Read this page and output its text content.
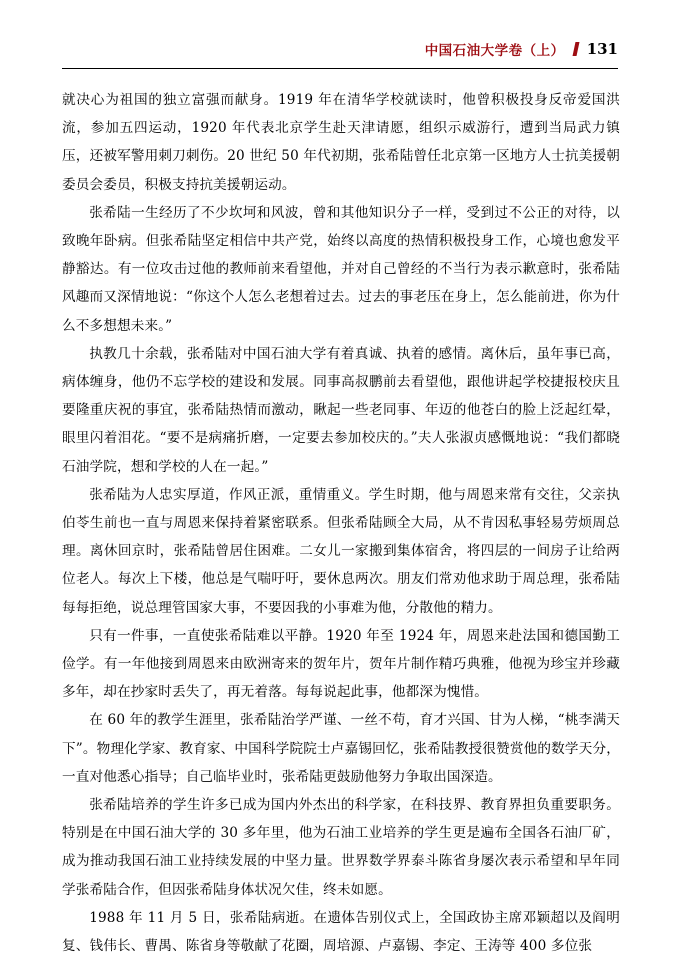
中国石油大学卷（上） 131

就决心为祖国的独立富强而献身。1919 年在清华学校就读时，他曾积极投身反帝爱国洪流，参加五四运动，1920 年代表北京学生赴天津请愿，组织示威游行，遭到当局武力镇压，还被军警用刺刀刺伤。20 世纪 50 年代初期，张希陆曾任北京第一区地方人士抗美援朝委员会委员，积极支持抗美援朝运动。

张希陆一生经历了不少坎坷和风波，曾和其他知识分子一样，受到过不公正的对待，以致晚年卧病。但张希陆坚定相信中共产党，始终以高度的热情积极投身工作，心境也愈发平静豁达。有一位攻击过他的教师前来看望他，并对自己曾经的不当行为表示歉意时，张希陆风趣而又深情地说：“你这个人怎么老想着过去。过去的事老压在身上，怎么能前进，你为什么不多想想未来。”

执教几十余载，张希陆对中国石油大学有着真诚、执着的感情。离休后，虽年事已高，病体缠身，他仍不忘学校的建设和发展。同事高叔鹏前去看望他，跟他讲起学校捷报校庆且要隆重庆祝的事宜，张希陆热情而激动，瞅起一些老同事、年迈的他苍白的脸上泛起红晕，眼里闪着泪花。“要不是病痛折磨，一定要去参加校庆的。”夫人张淑贞感慨地说：“我们都晓石油学院，想和学校的人在一起。”

张希陆为人忠实厚道，作风正派，重情重义。学生时期，他与周恩来常有交往，父亲执伯苓生前也一直与周恩来保持着紧密联系。但张希陆顾全大局，从不肯因私事轻易劳烦周总理。离休回京时，张希陆曾居住困难。二女儿一家搬到集体宿舍，将四层的一间房子让给两位老人。每次上下楼，他总是气喘吁吁，要休息两次。朋友们常劝他求助于周总理，张希陆每每拒绝，说总理管国家大事，不要因我的小事难为他，分散他的精力。

只有一件事，一直使张希陆难以平静。1920 年至 1924 年，周恩来赴法国和德国勤工俭学。有一年他接到周恩来由欧洲寄来的贺年片，贺年片制作精巧典雅，他视为珍宝并珍藏多年，却在抄家时丢失了，再无着落。每每说起此事，他都深为愧惜。

在 60 年的教学生涯里，张希陆治学严谨、一丝不苟，育才兴国、甘为人梯，“桃李满天下”。物理化学家、教育家、中国科学院院士卢嘉锡回忆，张希陆教授很赞赏他的数学天分，一直对他悉心指导；自己临毕业时，张希陆更鼓励他努力争取出国深造。

张希陆培养的学生许多已成为国内外杰出的科学家，在科技界、教育界担负重要职务。特别是在中国石油大学的 30 多年里，他为石油工业培养的学生更是遍布全国各石油厂矿，成为推动我国石油工业持续发展的中坚力量。世界数学界泰斗陈省身屡次表示希望和早年同学张希陆合作，但因张希陆身体状况欠佳，终未如愿。

1988 年 11 月 5 日，张希陆病逝。在遗体告别仪式上，全国政协主席邓颖超以及阎明复、钱伟长、曹禺、陈省身等敬献了花圈，周培源、卢嘉锡、李定、王涛等 400 多位张
